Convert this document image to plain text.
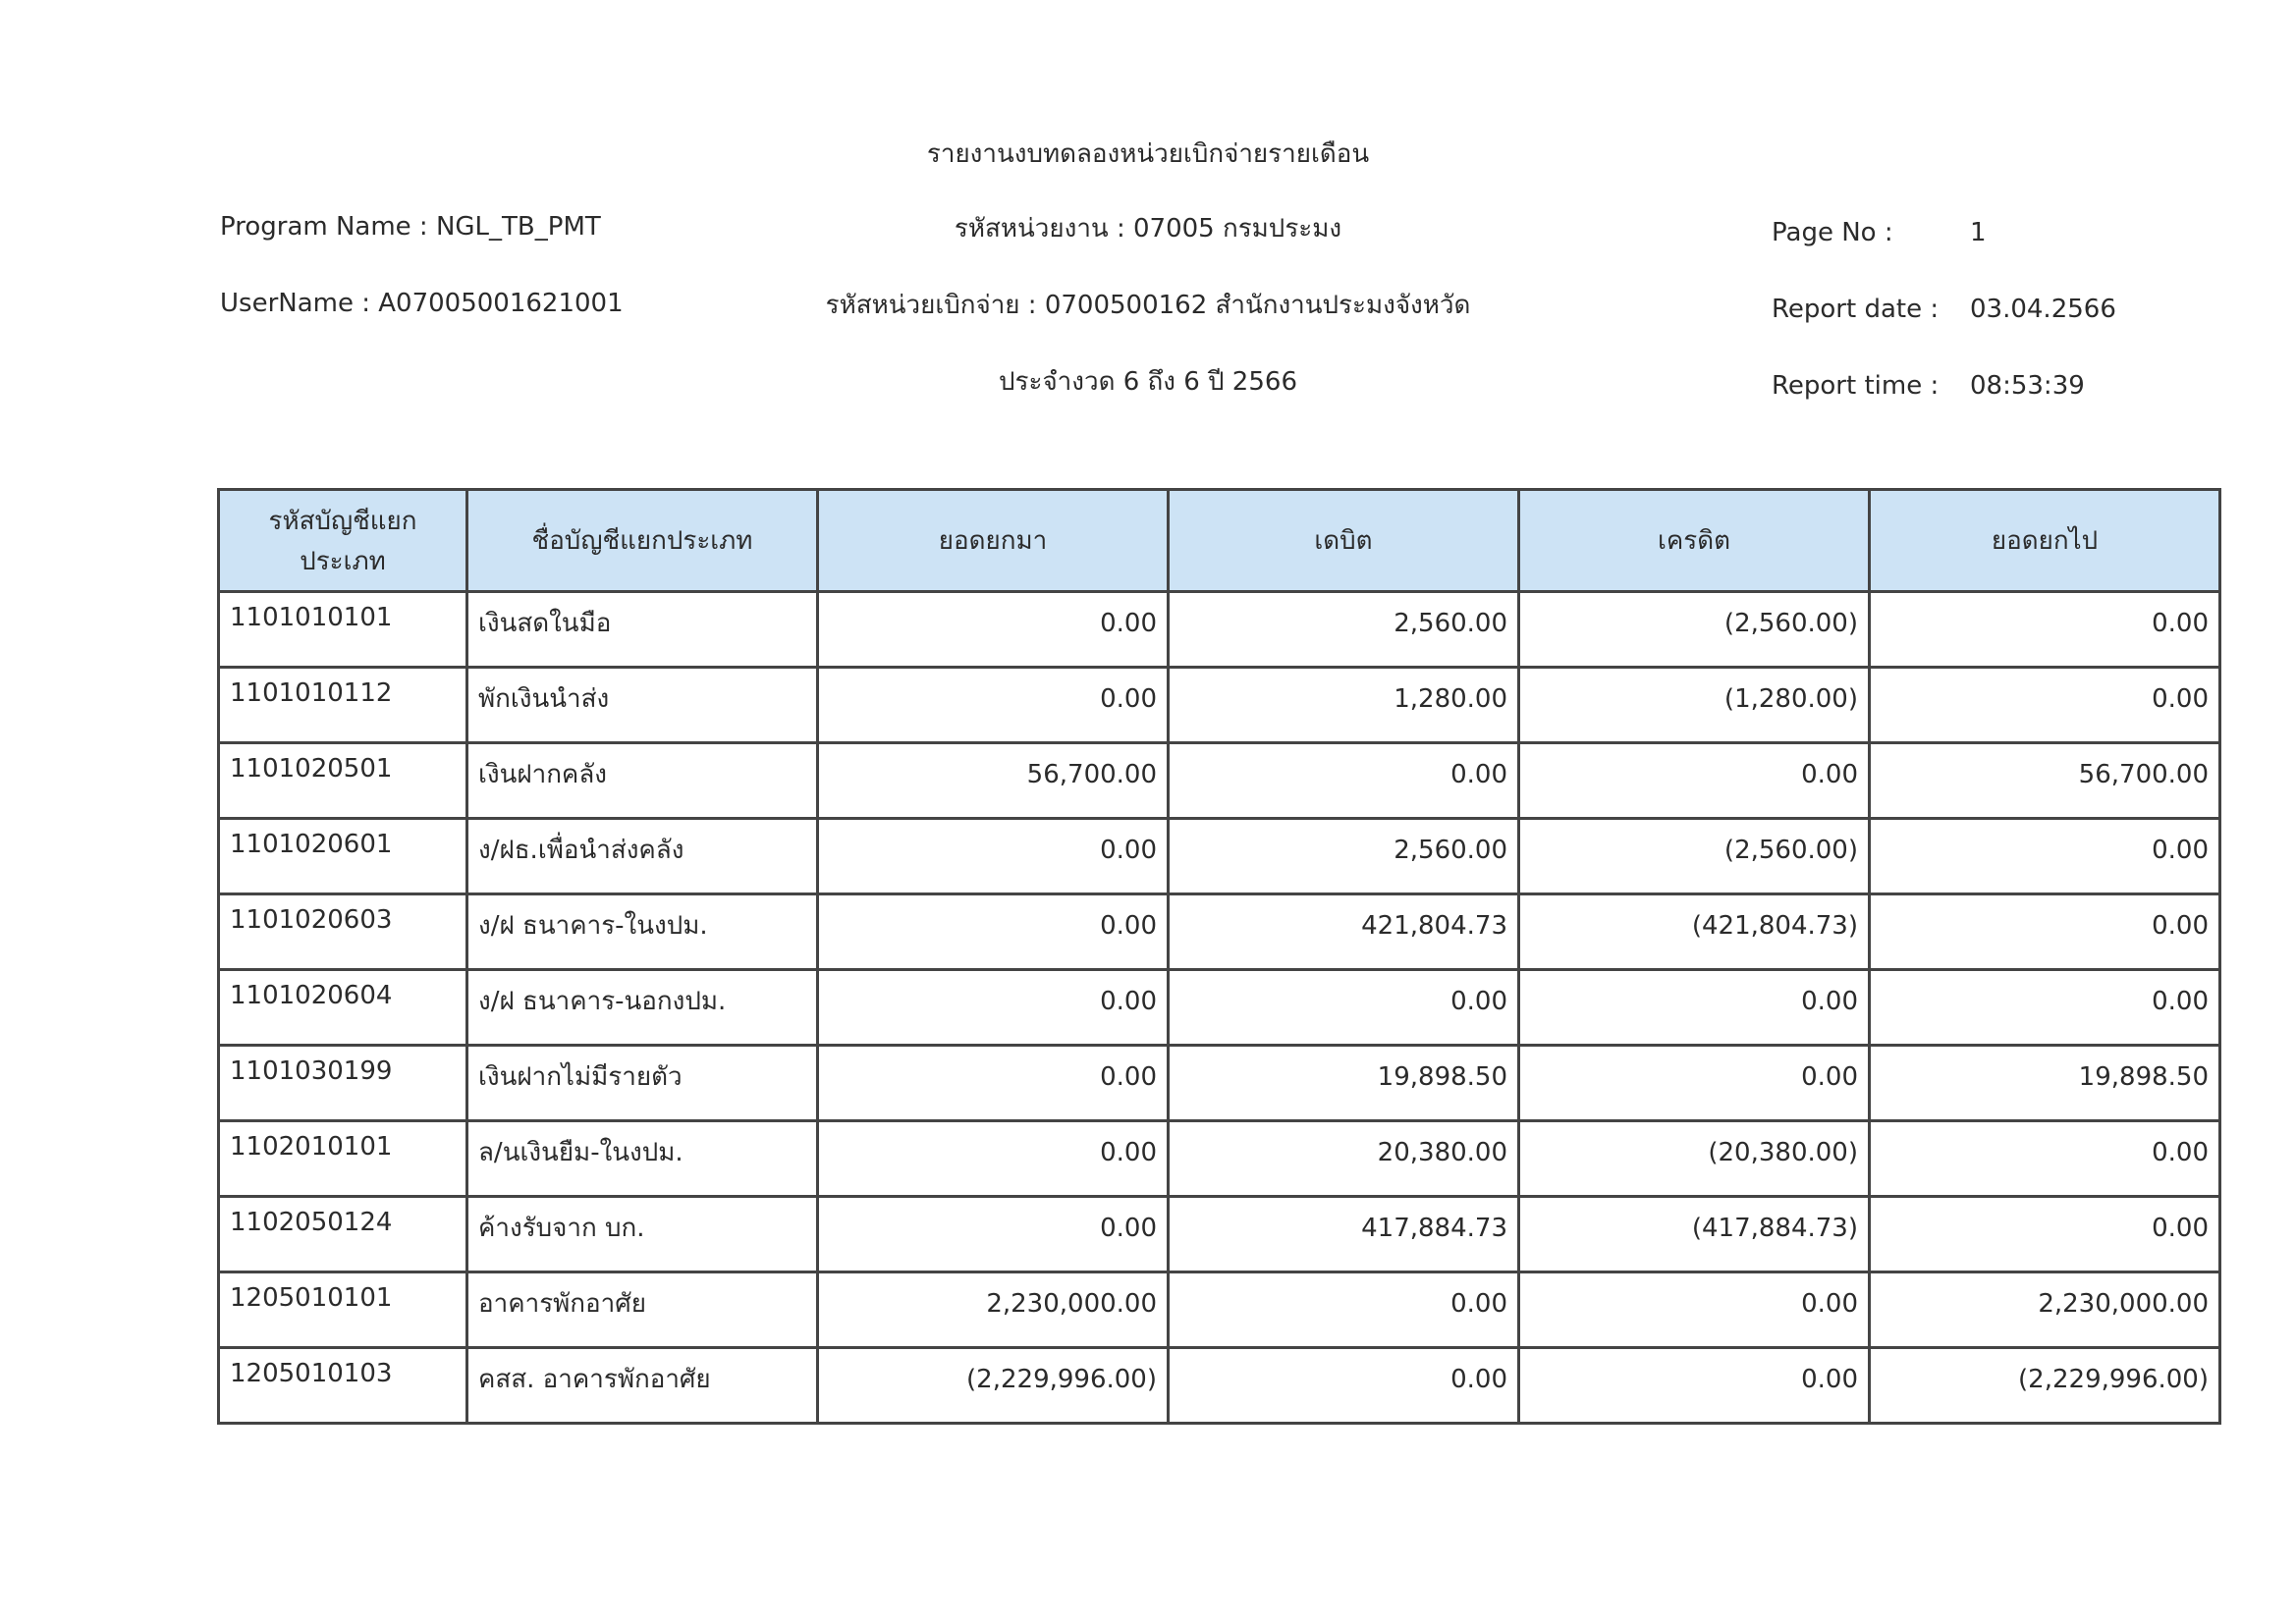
รายงานงบทดลองหน่วยเบิกจ่ายรายเดือน
Program Name : NGL_TB_PMT	รหัสหน่วยงาน : 07005 กรมประมง	Page No :	1
UserName : A07005001621001	รหัสหน่วยเบิกจ่าย : 0700500162 สำนักงานประมงจังหวัด	Report date : 03.04.2566
ประจำงวด 6 ถึง 6 ปี 2566	Report time : 08:53:39
รหัสบัญชีแยกประเภท	ชื่อบัญชีแยกประเภท	ยอดยกมา	เดบิต	เครดิต	ยอดยกไป
1101010101	เงินสดในมือ	0.00	2,560.00	(2,560.00)	0.00
1101010112	พักเงินนำส่ง	0.00	1,280.00	(1,280.00)	0.00
1101020501	เงินฝากคลัง	56,700.00	0.00	0.00	56,700.00
1101020601	ง/ฝธ.เพื่อนำส่งคลัง	0.00	2,560.00	(2,560.00)	0.00
1101020603	ง/ฝ ธนาคาร-ในงปม.	0.00	421,804.73	(421,804.73)	0.00
1101020604	ง/ฝ ธนาคาร-นอกงปม.	0.00	0.00	0.00	0.00
1101030199	เงินฝากไม่มีรายตัว	0.00	19,898.50	0.00	19,898.50
1102010101	ล/นเงินยืม-ในงปม.	0.00	20,380.00	(20,380.00)	0.00
1102050124	ค้างรับจาก บก.	0.00	417,884.73	(417,884.73)	0.00
1205010101	อาคารพักอาศัย	2,230,000.00	0.00	0.00	2,230,000.00
1205010103	คสส. อาคารพักอาศัย	(2,229,996.00)	0.00	0.00	(2,229,996.00)
